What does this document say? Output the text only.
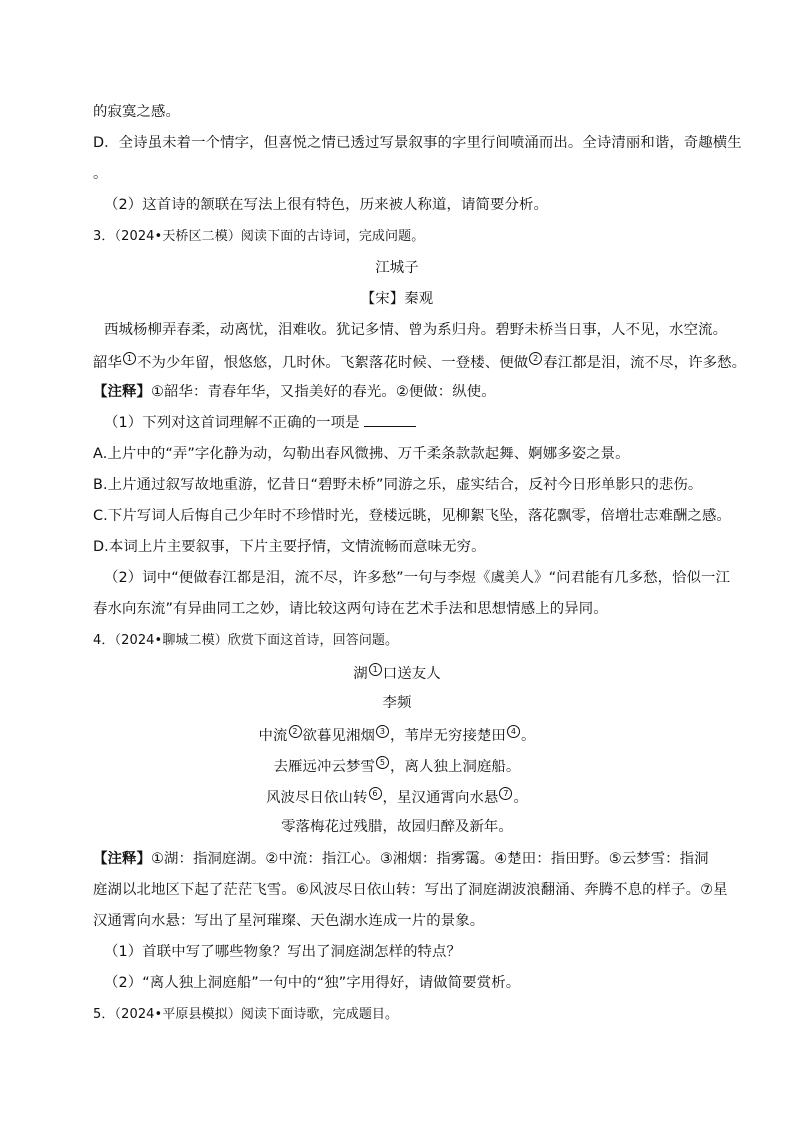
的寂寞之感。
D．全诗虽未着一个情字，但喜悦之情已透过写景叙事的字里行间喷涌而出。全诗清丽和谐，奇趣横生
。
（2）这首诗的颔联在写法上很有特色，历来被人称道，请简要分析。
3．（2024•天桥区二模）阅读下面的古诗词，完成问题。
江城子
【宋】秦观
西城杨柳弄春柔，动离忧，泪难收。犹记多情、曾为系归舟。碧野未桥当日事，人不见，水空流。
韶华 1 不为少年留，恨悠悠，几时休。飞絮落花时候、一登楼、便做 2 春江都是泪，流不尽，许多愁。
【注释】①韶华：青春年华，又指美好的春光。②便做：纵使。
（1）下列对这首词理解不正确的一项是
A.上片中的“弄”字化静为动，勾勒出春风微拂、万千柔条款款起舞、婀娜多姿之景。
B.上片通过叙写故地重游，忆昔日“碧野未桥”同游之乐，虚实结合，反衬今日形单影只的悲伤。
C.下片写词人后悔自己少年时不珍惜时光，登楼远眺，见柳絮飞坠，落花飘零，倍增壮志难酬之感。
D.本词上片主要叙事，下片主要抒情，文情流畅而意味无穷。
（2）词中“便做春江都是泪，流不尽，许多愁”一句与李煜《虞美人》“问君能有几多愁，恰似一江
春水向东流”有异曲同工之妙，请比较这两句诗在艺术手法和思想情感上的异同。
4．（2024•聊城二模）欣赏下面这首诗，回答问题。
湖 1 口送友人
李频
中流 2 欲暮见湘烟 3 ，苇岸无穷接楚田 4 。
去雁远冲云梦雪 5 ，离人独上洞庭船。
风波尽日依山转 6 ，星汉通霄向水悬 7 。
零落梅花过残腊，故园归醉及新年。
【注释】①湖：指洞庭湖。②中流：指江心。③湘烟：指雾霭。④楚田：指田野。⑤云梦雪：指洞
庭湖以北地区下起了茫茫飞雪。⑥风波尽日依山转：写出了洞庭湖波浪翻涌、奔腾不息的样子。⑦星
汉通霄向水悬：写出了星河璀璨、天色湖水连成一片的景象。
（1）首联中写了哪些物象？写出了洞庭湖怎样的特点？
（2）“离人独上洞庭船”一句中的“独”字用得好，请做简要赏析。
5．（2024•平原县模拟）阅读下面诗歌，完成题目。
